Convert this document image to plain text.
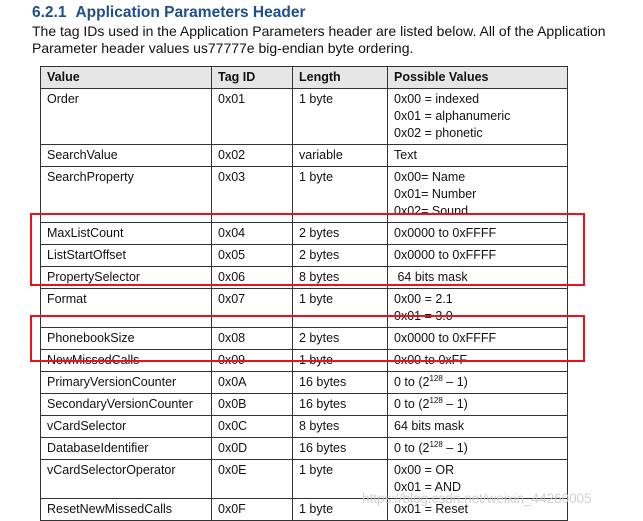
6.2.1 Application Parameters Header
The tag IDs used in the Application Parameters header are listed below. All of the Application Parameter header values us77777e big-endian byte ordering.
Value	Tag ID	Length	Possible Values
Order	0x01	1 byte	0x00 = indexed
0x01 = alphanumeric
0x02 = phonetic

SearchValue	0x02	variable	Text

SearchProperty	0x03	1 byte	0x00= Name
0x01= Number
0x02= Sound

MaxListCount	0x04	2 bytes	0x0000 to 0xFFFF

ListStartOffset	0x05	2 bytes	0x0000 to 0xFFFF

PropertySelector	0x06	8 bytes	64 bits mask

Format	0x07	1 byte	0x00 = 2.1
0x01 = 3.0

PhonebookSize	0x08	2 bytes	0x0000 to 0xFFFF

NewMissedCalls	0x09	1 byte	0x00 to 0xFF

PrimaryVersionCounter	0x0A	16 bytes	0 to $(2^{128} - 1)$

SecondaryVersionCounter	0x0B	16 bytes	0 to $(2^{128} - 1)$

vCardSelector	0x0C	8 bytes	64 bits mask

DatabaseIdentifier	0x0D	16 bytes	0 to $(2^{128} - 1)$

vCardSelectorOperator	0x0E	1 byte	0x00 = OR
0x01 = AND

ResetNewMissedCalls	0x0F	1 byte	0x01 = Reset
https://blog.csdn.net/weixin_44260005
